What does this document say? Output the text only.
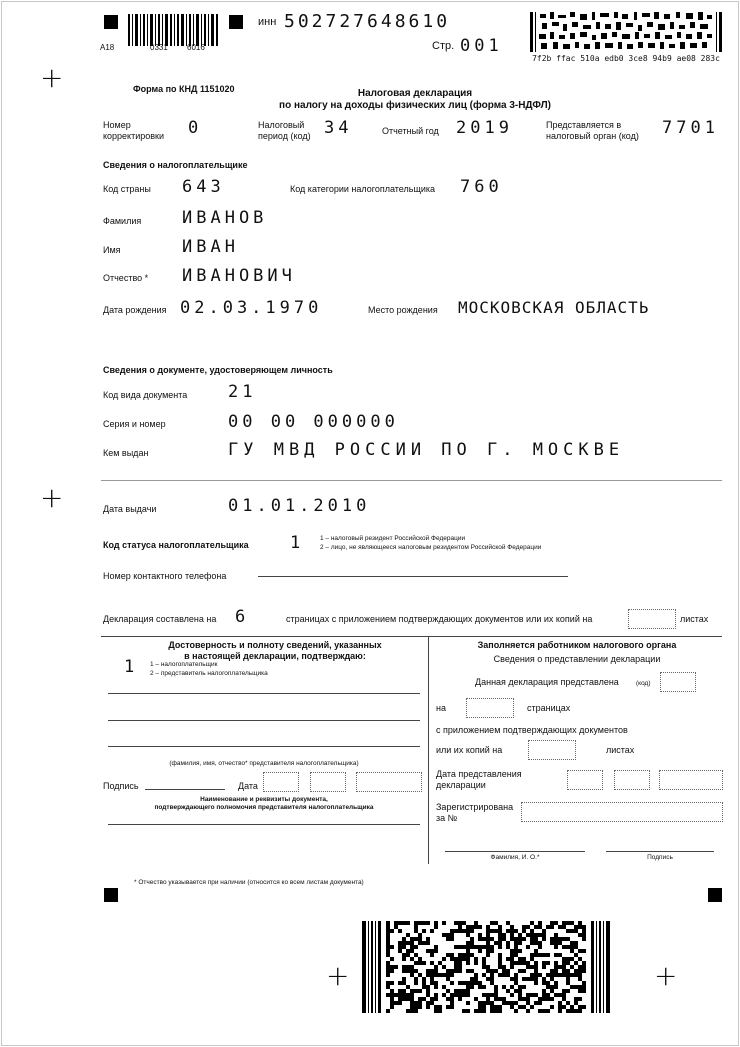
+
+
+	+
A18	0331 6016
инн 502727648610
Стр. 001
7f2b ffac 510a edb0 3ce8 94b9 ae08 283c
Форма по КНД 1151020	Налоговая декларация
по налогу на доходы физических лиц (форма 3-НДФЛ)
Номер корректировки	0	Налоговый период (код) 34	Отчетный год 2019	Представляется в налоговый орган (код)	7701
Сведения о налогоплательщике
Код страны 643	Код категории налогоплательщика 760
Фамилия ИВАНОВ
Имя	ИВАН
Отчество * ИВАНОВИЧ
Дата рождения 02.03.1970	Место рождения МОСКОВСКАЯ ОБЛАСТЬ
Сведения о документе, удостоверяющем личность
Код вида документа 21
Серия и номер	00 00 000000
Кем выдан	ГУ МВД РОССИИ ПО Г. МОСКВЕ
Дата выдачи	01.01.2010
Код статуса налогоплательщика 1 1 – налоговый резидент Российской Федерации
2 – лицо, не являющееся налоговым резидентом Российской Федерации
Номер контактного телефона
Декларация составлена на 6	страницах с приложением подтверждающих документов или их копий на	листах
Достоверность и полноту сведений, указанных
в настоящей декларации, подтверждаю:
1 1 – налогоплательщик
2 – представитель налогоплательщика
(фамилия, имя, отчество* представителя налогоплательщика)
Подпись	Дата
Наименование и реквизиты документа,
подтверждающего полномочия представителя налогоплательщика
Заполняется работником налогового органа
Сведения о представлении декларации
Данная декларация представлена	(код)
на	страницах
с приложением подтверждающих документов
или их копий на	листах
Дата представления
декларации
Зарегистрирована
за №
Фамилия, И. О.*	Подпись
* Отчество указывается при наличии (относится ко всем листам документа)
